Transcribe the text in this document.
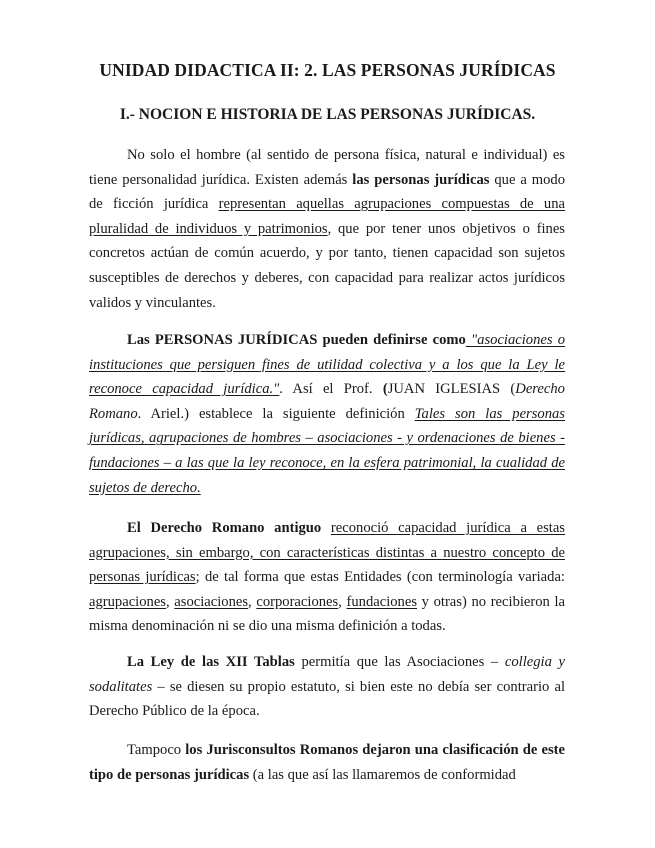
UNIDAD DIDACTICA II: 2. LAS PERSONAS JURÍDICAS
I.- NOCION E HISTORIA DE LAS PERSONAS JURÍDICAS.

No solo el hombre (al sentido de persona física, natural e individual) es tiene personalidad jurídica. Existen además las personas jurídicas que a modo de ficción jurídica representan aquellas agrupaciones compuestas de una pluralidad de individuos y patrimonios, que por tener unos objetivos o fines concretos actúan de común acuerdo, y por tanto, tienen capacidad son sujetos susceptibles de derechos y deberes, con capacidad para realizar actos jurídicos validos y vinculantes.

Las PERSONAS JURÍDICAS pueden definirse como "asociaciones o instituciones que persiguen fines de utilidad colectiva y a los que la Ley le reconoce capacidad jurídica.". Así el Prof. (JUAN IGLESIAS (Derecho Romano. Ariel.) establece la siguiente definición Tales son las personas jurídicas, agrupaciones de hombres – asociaciones - y ordenaciones de bienes - fundaciones – a las que la ley reconoce, en la esfera patrimonial, la cualidad de sujetos de derecho.

El Derecho Romano antiguo reconoció capacidad jurídica a estas agrupaciones, sin embargo, con características distintas a nuestro concepto de personas jurídicas; de tal forma que estas Entidades (con terminología variada: agrupaciones, asociaciones, corporaciones, fundaciones y otras) no recibieron la misma denominación ni se dio una misma definición a todas.

La Ley de las XII Tablas permitía que las Asociaciones – collegia y sodalitates – se diesen su propio estatuto, si bien este no debía ser contrario al Derecho Público de la época.

Tampoco los Jurisconsultos Romanos dejaron una clasificación de este tipo de personas jurídicas (a las que así las llamaremos de conformidad
